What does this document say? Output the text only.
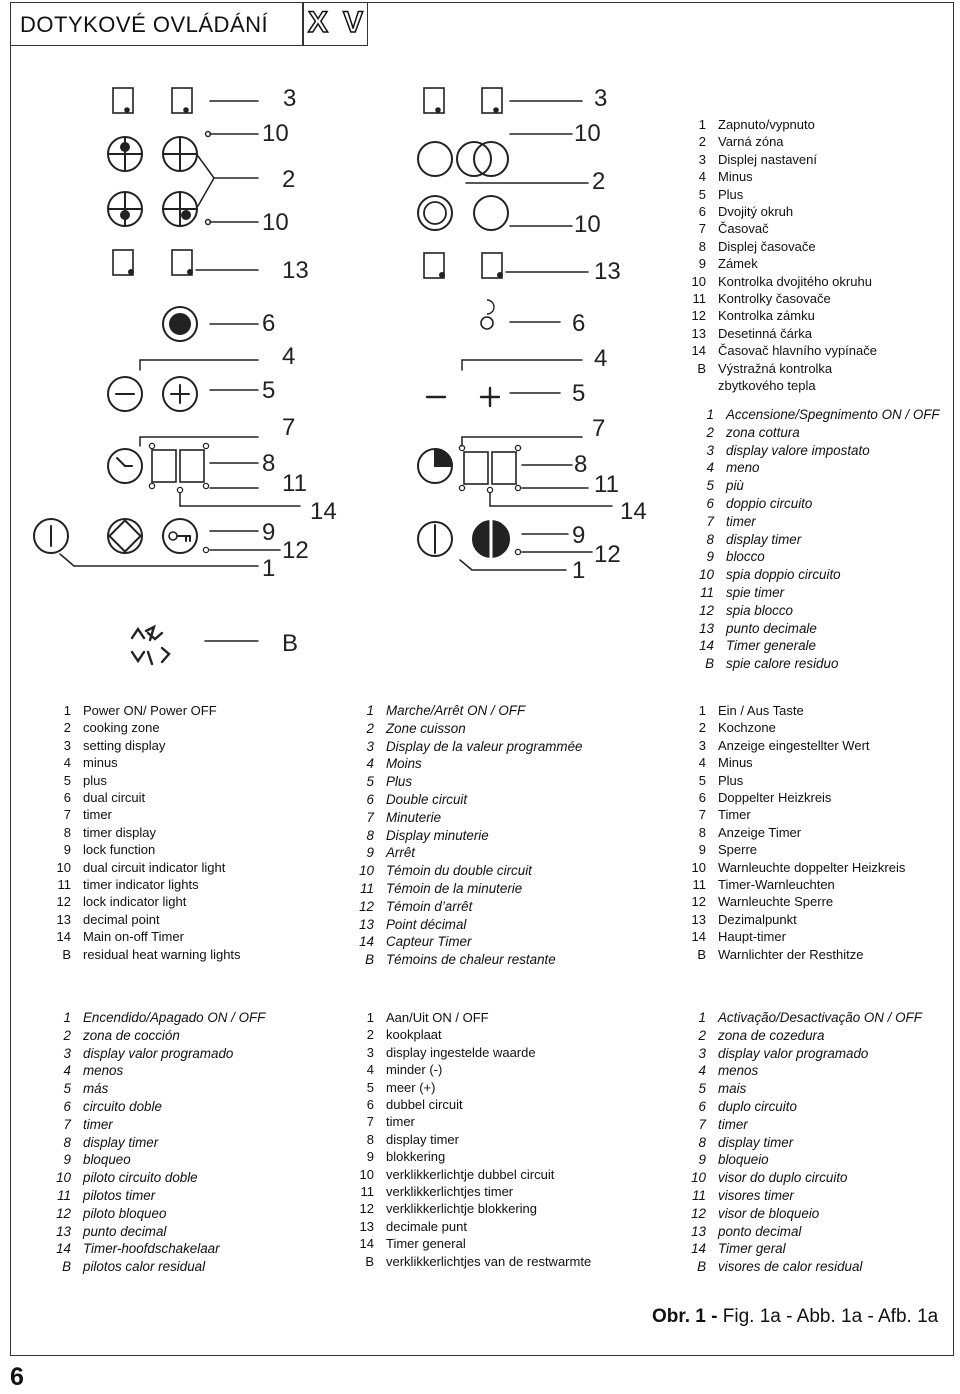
DOTYKOVÉ OVLÁDÁNÍ X V
3
10
2
10
13
6
4
5
7
8
11
14
9
12
1
B
3
10
2
10
13
6
4
5
7
8
11
14
9
12
1
1 Zapnuto/vypnuto
2 Varná zóna
3 Displej nastavení
4 Minus
5 Plus
6 Dvojitý okruh
7 Časovač
8 Displej časovače
9 Zámek
10 Kontrolka dvojitého okruhu
11 Kontrolky časovače
12 Kontrolka zámku
13 Desetinná čárka
14 Časovač hlavního vypínače
B Výstražná kontrolka
zbytkového tepla
1 Accensione/Spegnimento ON / OFF
2 zona cottura
3 display valore impostato
4 meno
5 più
6 doppio circuito
7 timer
8 display timer
9 blocco
10 spia doppio circuito
11 spie timer
12 spia blocco
13 punto decimale
14 Timer generale
B spie calore residuo
1 Power ON/ Power OFF
2 cooking zone
3 setting display
4 minus
5 plus
6 dual circuit
7 timer
8 timer display
9 lock function
10 dual circuit indicator light
11 timer indicator lights
12 lock indicator light
13 decimal point
14 Main on-off Timer
B residual heat warning lights
1 Marche/Arrêt ON / OFF
2 Zone cuisson
3 Display de la valeur programmée
4 Moins
5 Plus
6 Double circuit
7 Minuterie
8 Display minuterie
9 Arrêt
10 Témoin du double circuit
11 Témoin de la minuterie
12 Témoin d’arrêt
13 Point décimal
14 Capteur Timer
B Témoins de chaleur restante
1 Ein / Aus Taste
2 Kochzone
3 Anzeige eingestellter Wert
4 Minus
5 Plus
6 Doppelter Heizkreis
7 Timer
8 Anzeige Timer
9 Sperre
10 Warnleuchte doppelter Heizkreis
11 Timer-Warnleuchten
12 Warnleuchte Sperre
13 Dezimalpunkt
14 Haupt-timer
B Warnlichter der Resthitze
1 Encendido/Apagado ON / OFF
2 zona de cocción
3 display valor programado
4 menos
5 más
6 circuito doble
7 timer
8 display timer
9 bloqueo
10 piloto circuito doble
11 pilotos timer
12 piloto bloqueo
13 punto decimal
14 Timer-hoofdschakelaar
B pilotos calor residual
1 Aan/Uit ON / OFF
2 kookplaat
3 display ingestelde waarde
4 minder (-)
5 meer (+)
6 dubbel circuit
7 timer
8 display timer
9 blokkering
10 verklikkerlichtje dubbel circuit
11 verklikkerlichtjes timer
12 verklikkerlichtje blokkering
13 decimale punt
14 Timer general
B verklikkerlichtjes van de restwarmte
1 Activação/Desactivação ON / OFF
2 zona de cozedura
3 display valor programado
4 menos
5 mais
6 duplo circuito
7 timer
8 display timer
9 bloqueio
10 visor do duplo circuito
11 visores timer
12 visor de bloqueio
13 ponto decimal
14 Timer geral
B visores de calor residual
Obr. 1 - Fig. 1a - Abb. 1a - Afb. 1a
6
